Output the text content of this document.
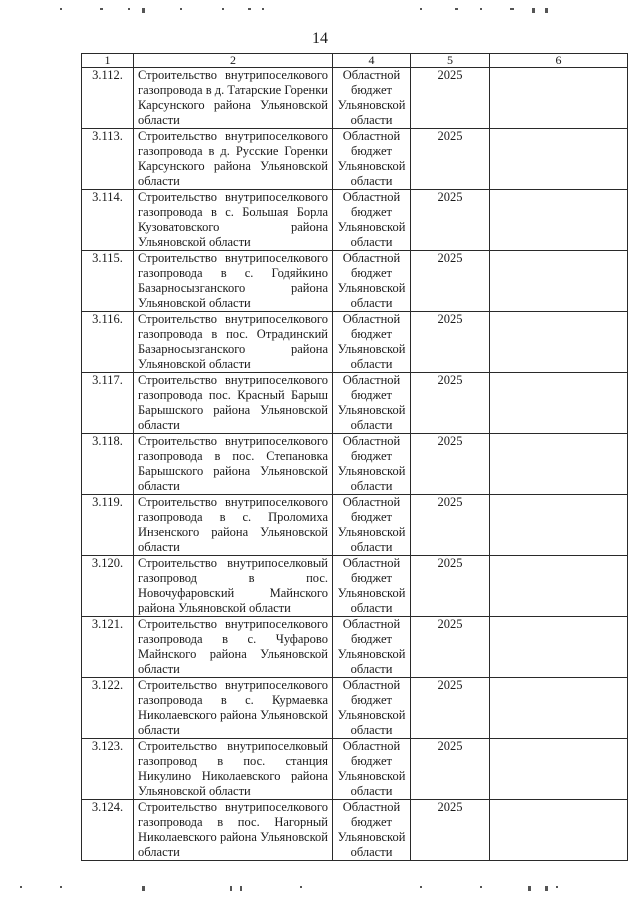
14
1	2	4	5	6
3.112.	Строительство внутрипоселкового газопровода в д. Татарские Горенки Карсунского района Ульяновской области	Областной бюджет Ульяновской области	2025	
3.113.	Строительство внутрипоселкового газопровода в д. Русские Горенки Карсунского района Ульяновской области	Областной бюджет Ульяновской области	2025	
3.114.	Строительство внутрипоселкового газопровода в с. Большая Борла Кузоватовского района Ульяновской области	Областной бюджет Ульяновской области	2025	
3.115.	Строительство внутрипоселкового газопровода в с. Годяйкино Базарносызганского района Ульяновской области	Областной бюджет Ульяновской области	2025	
3.116.	Строительство внутрипоселкового газопровода в пос. Отрадинский Базарносызганского района Ульяновской области	Областной бюджет Ульяновской области	2025	
3.117.	Строительство внутрипоселкового газопровода пос. Красный Барыш Барышского района Ульяновской области	Областной бюджет Ульяновской области	2025	
3.118.	Строительство внутрипоселкового газопровода в пос. Степановка Барышского района Ульяновской области	Областной бюджет Ульяновской области	2025	
3.119.	Строительство внутрипоселкового газопровода в с. Проломиха Инзенского района Ульяновской области	Областной бюджет Ульяновской области	2025	
3.120.	Строительство внутрипоселковый газопровод в пос. Новочуфаровский Майнского района Ульяновской области	Областной бюджет Ульяновской области	2025	
3.121.	Строительство внутрипоселкового газопровода в с. Чуфарово Майнского района Ульяновской области	Областной бюджет Ульяновской области	2025	
3.122.	Строительство внутрипоселкового газопровода в с. Курмаевка Николаевского района Ульяновской области	Областной бюджет Ульяновской области	2025	
3.123.	Строительство внутрипоселковый газопровод в пос. станция Никулино Николаевского района Ульяновской области	Областной бюджет Ульяновской области	2025	
3.124.	Строительство внутрипоселкового газопровода в пос. Нагорный Николаевского района Ульяновской области	Областной бюджет Ульяновской области	2025	
